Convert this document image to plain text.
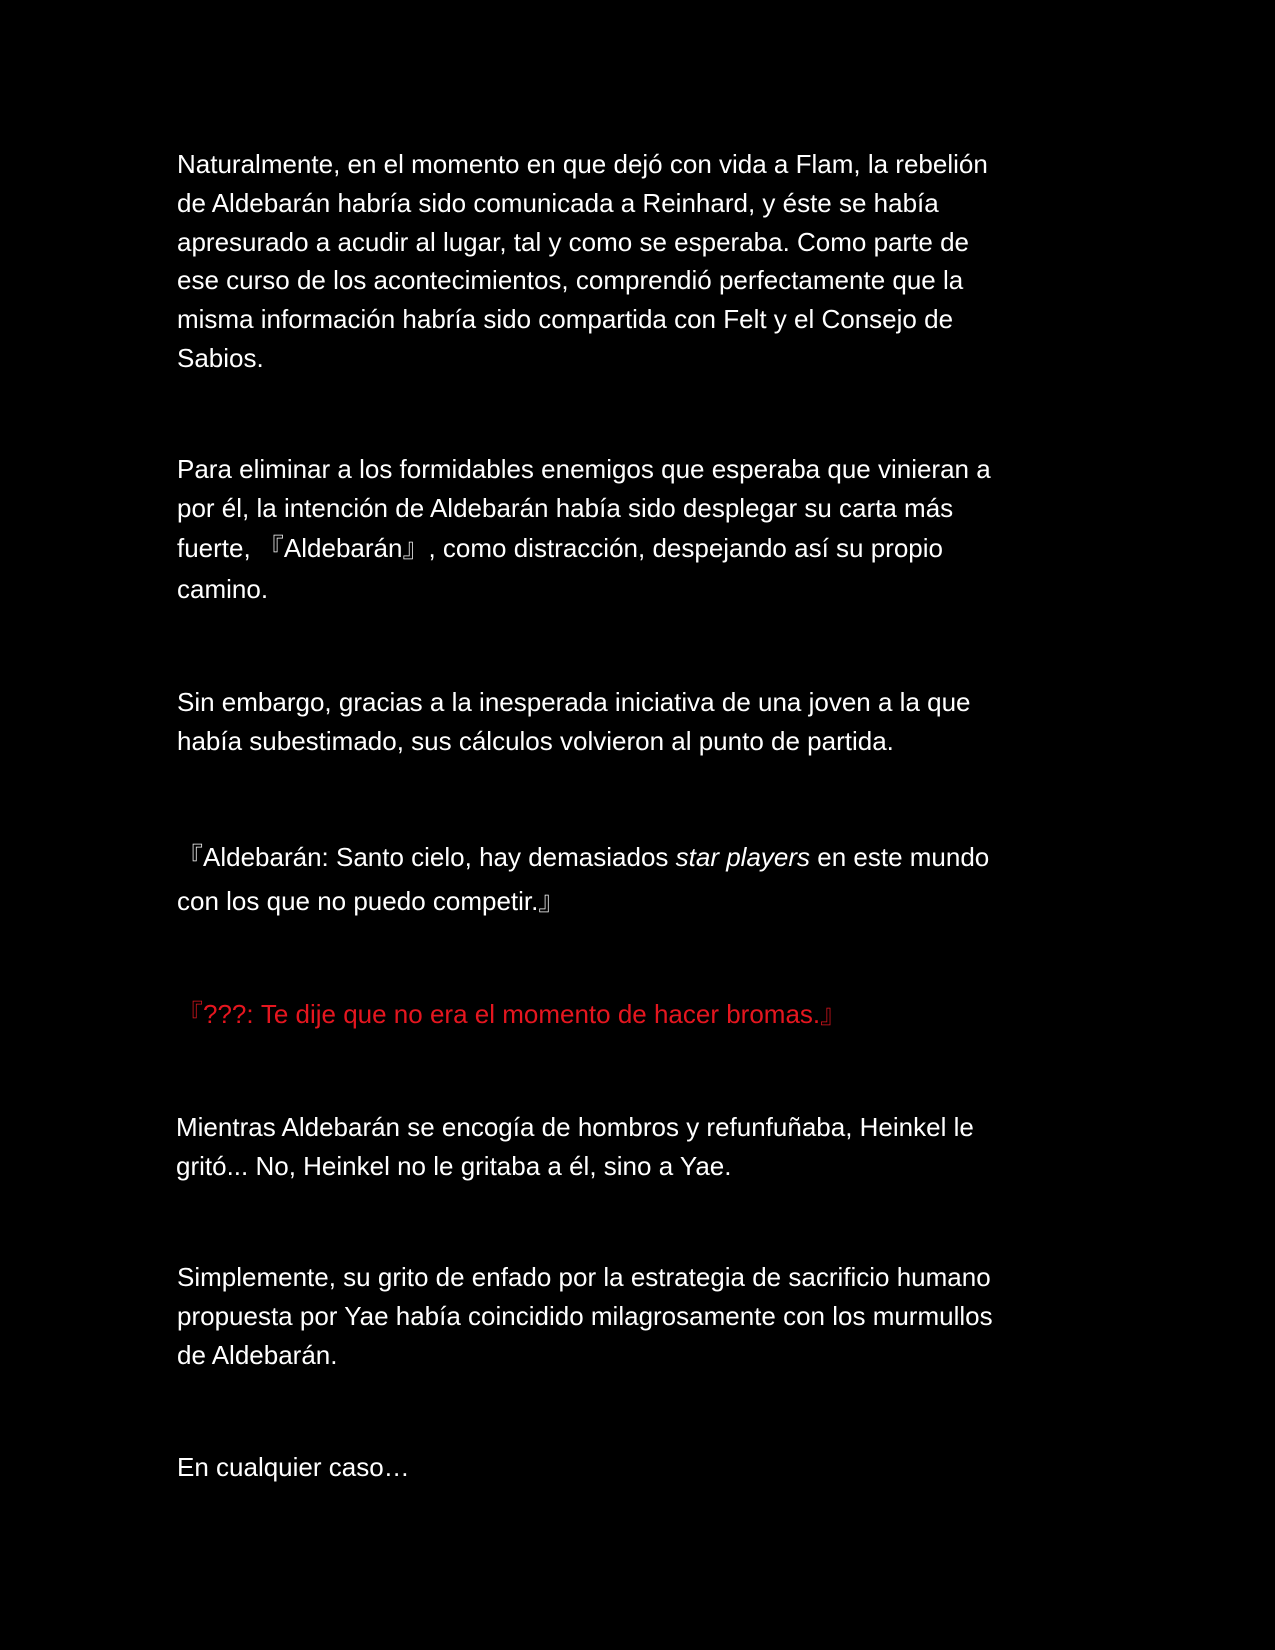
Naturalmente, en el momento en que dejó con vida a Flam, la rebelión
de Aldebarán habría sido comunicada a Reinhard, y éste se había
apresurado a acudir al lugar, tal y como se esperaba. Como parte de
ese curso de los acontecimientos, comprendió perfectamente que la
misma información habría sido compartida con Felt y el Consejo de
Sabios.

Para eliminar a los formidables enemigos que esperaba que vinieran a
por él, la intención de Aldebarán había sido desplegar su carta más
fuerte, 『Aldebarán』, como distracción, despejando así su propio
camino.

Sin embargo, gracias a la inesperada iniciativa de una joven a la que
había subestimado, sus cálculos volvieron al punto de partida.

『Aldebarán: Santo cielo, hay demasiados star players en este mundo
con los que no puedo competir.』

『???: Te dije que no era el momento de hacer bromas.』

Mientras Aldebarán se encogía de hombros y refunfuñaba, Heinkel le
gritó... No, Heinkel no le gritaba a él, sino a Yae.

Simplemente, su grito de enfado por la estrategia de sacrificio humano
propuesta por Yae había coincidido milagrosamente con los murmullos
de Aldebarán.

En cualquier caso…
